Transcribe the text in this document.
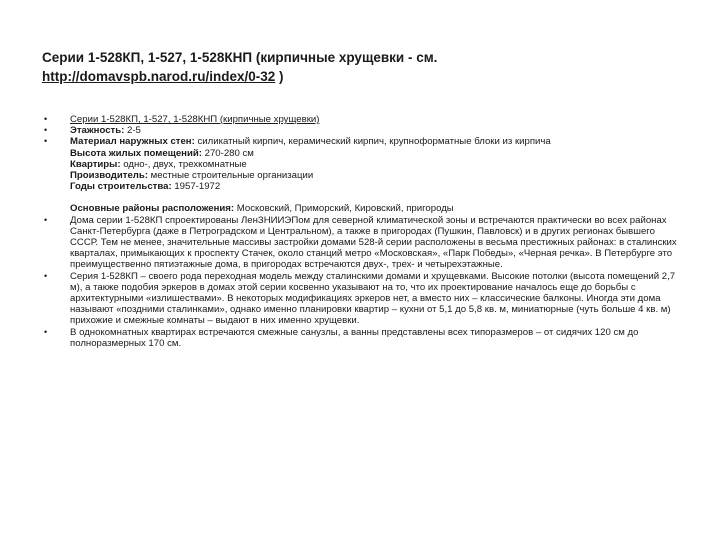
Серии 1-528КП, 1-527, 1-528КНП (кирпичные хрущевки - см.
http://domavspb.narod.ru/index/0-32 )
• Серии 1-528КП, 1-527, 1-528КНП (кирпичные хрущевки)
• Этажность: 2-5
• Материал наружных стен: силикатный кирпич, керамический кирпич, крупноформатные блоки из кирпича
Высота жилых помещений: 270-280 см
Квартиры: одно-, двух, трехкомнатные
Производитель: местные строительные организации
Годы строительства: 1957-1972
Основные районы расположения: Московский, Приморский, Кировский, пригороды
• Дома серии 1-528КП спроектированы ЛенЗНИИЭПом для северной климатической зоны и встречаются практически во всех районах Санкт-Петербурга (даже в Петроградском и Центральном), а также в пригородах (Пушкин, Павловск) и в других регионах бывшего СССР. Тем не менее, значительные массивы застройки домами 528-й серии расположены в весьма престижных районах: в сталинских кварталах, примыкающих к проспекту Стачек, около станций метро «Московская», «Парк Победы», «Черная речка». В Петербурге это преимущественно пятиэтажные дома, в пригородах встречаются двух-, трех- и четырехэтажные.
• Серия 1-528КП – своего рода переходная модель между сталинскими домами и хрущевками. Высокие потолки (высота помещений 2,7 м), а также подобия эркеров в домах этой серии косвенно указывают на то, что их проектирование началось еще до борьбы с архитектурными «излишествами». В некоторых модификациях эркеров нет, а вместо них – классические балконы. Иногда эти дома называют «поздними сталинками», однако именно планировки квартир – кухни от 5,1 до 5,8 кв. м, миниатюрные (чуть больше 4 кв. м) прихожие и смежные комнаты – выдают в них именно хрущевки.
• В однокомнатных квартирах встречаются смежные санузлы, а ванны представлены всех типоразмеров – от сидячих 120 см до полноразмерных 170 см.
